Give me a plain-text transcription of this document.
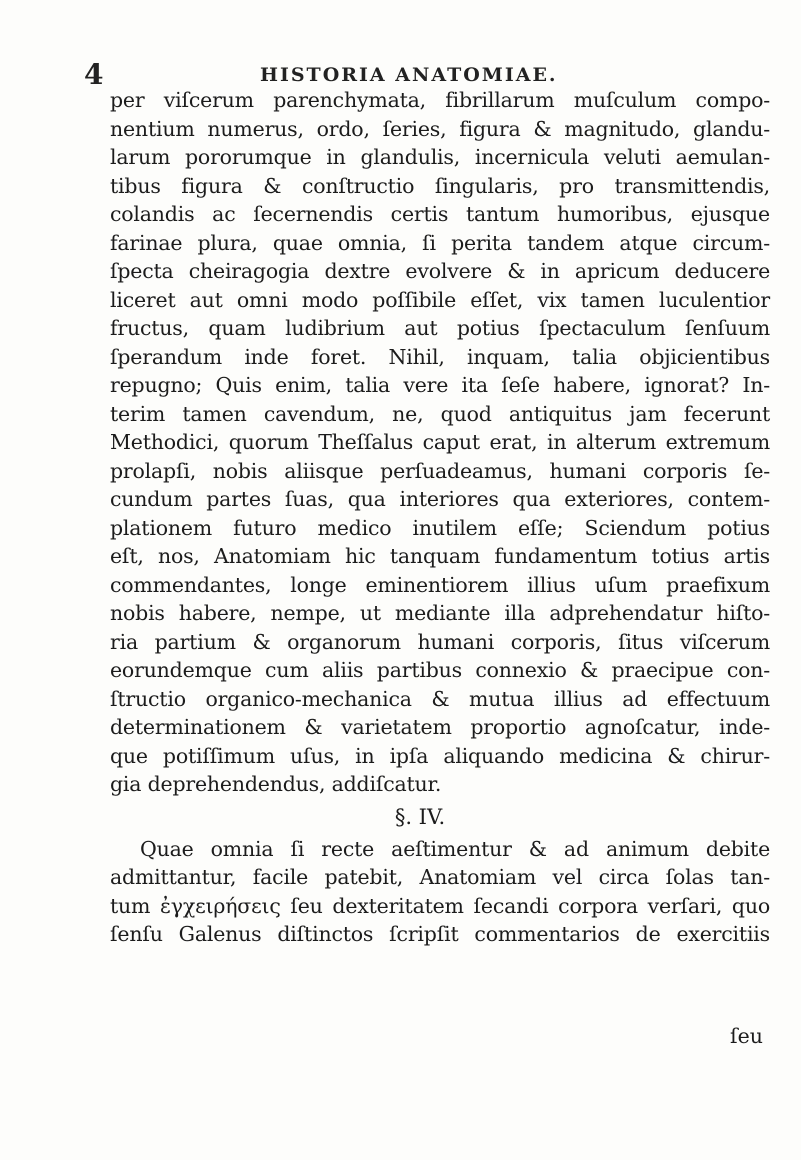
4	HISTORIA ANATOMIAE.
per viſcerum parenchymata, fibrillarum muſculum compo-
nentium numerus, ordo, ſeries, figura & magnitudo, glandu-
larum pororumque in glandulis, incernicula veluti aemulan-
tibus figura & conſtructio ſingularis, pro transmittendis,
colandis ac ſecernendis certis tantum humoribus, ejusque
farinae plura, quae omnia, ſi perita tandem atque circum-
ſpecta cheiragogia dextre evolvere & in apricum deducere
liceret aut omni modo poſſibile eſſet, vix tamen luculentior
fructus, quam ludibrium aut potius ſpectaculum ſenſuum
ſperandum inde foret. Nihil, inquam, talia objicientibus
repugno; Quis enim, talia vere ita ſeſe habere, ignorat? In-
terim tamen cavendum, ne, quod antiquitus jam fecerunt
Methodici, quorum Theſſalus caput erat, in alterum extremum
prolapſi, nobis aliisque perſuadeamus, humani corporis ſe-
cundum partes ſuas, qua interiores qua exteriores, contem-
plationem futuro medico inutilem eſſe; Sciendum potius
eſt, nos, Anatomiam hic tanquam fundamentum totius artis
commendantes, longe eminentiorem illius uſum praefixum
nobis habere, nempe, ut mediante illa adprehendatur hiſto-
ria partium & organorum humani corporis, ſitus viſcerum
eorundemque cum aliis partibus connexio & praecipue con-
ſtructio organico-mechanica & mutua illius ad effectuum
determinationem & varietatem proportio agnoſcatur, inde-
que potiſſimum uſus, in ipſa aliquando medicina & chirur-
gia deprehendendus, addiſcatur.
§. IV.
Quae omnia ſi recte aeſtimentur & ad animum debite
admittantur, facile patebit, Anatomiam vel circa ſolas tan-
tum ἐγχειρήσεις ſeu dexteritatem ſecandi corpora verſari, quo
ſenſu Galenus diſtinctos ſcripſit commentarios de exercitiis
ſeu
